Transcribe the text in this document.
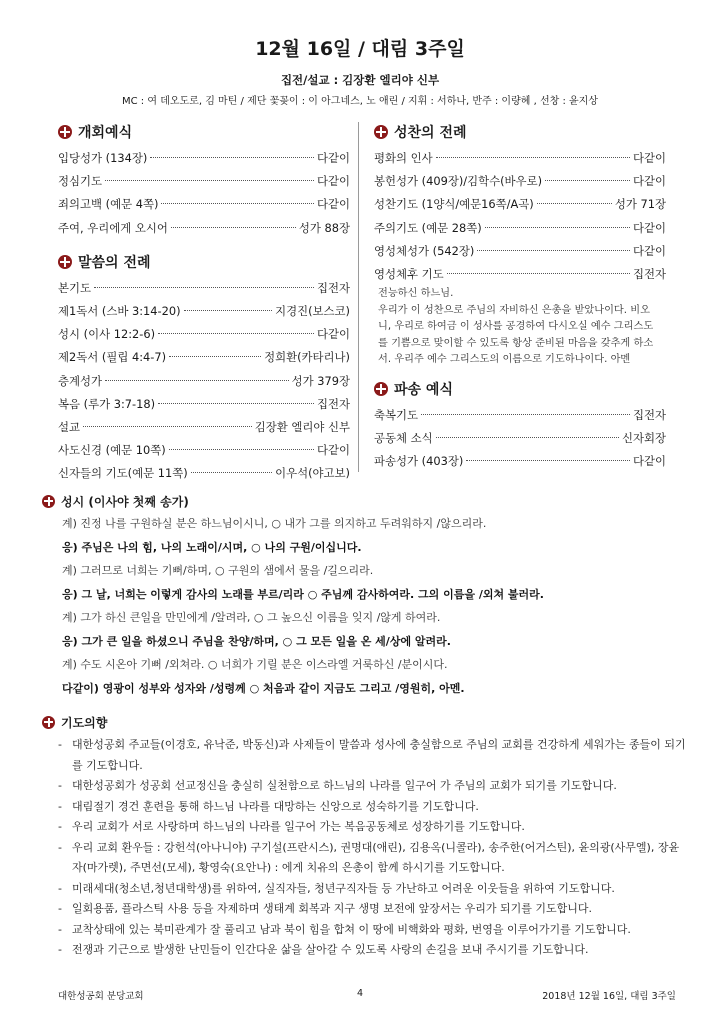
12월 16일 / 대림 3주일
집전/설교 : 김장환 엘리야 신부
MC : 여 데오도로, 김 마틴 / 제단 꽃꽂이 : 이 아그네스, 노 애린 / 지휘 : 서하나, 반주 : 이량혜 , 선창 : 윤지상
개회예식
입당성가 (134장)	다같이
정심기도	다같이
죄의고백 (예문 4쪽)	다같이
주여, 우리에게 오시어	성가 88장
말씀의 전례
본기도	집전자
제1독서 (스바 3:14-20)	지경진(보스코)
성시 (이사 12:2-6)	다같이
제2독서 (필립 4:4-7)	정희환(카타리나)
층계성가	성가 379장
복음 (루가 3:7-18)	집전자
설교	김장환 엘리야 신부
사도신경 (예문 10쪽)	다같이
신자들의 기도(예문 11쪽)	이우석(야고보)
성찬의 전례
평화의 인사	다같이
봉헌성가 (409장)/김학수(바우로)	다같이
성찬기도 (1양식/예문16쪽/A곡)	성가 71장
주의기도 (예문 28쪽)	다같이
영성체성가 (542장)	다같이
영성체후 기도	집전자
전능하신 하느님.
우리가 이 성찬으로 주님의 자비하신 은총을 받았나이다. 비오
니, 우리로 하여금 이 성사를 공경하여 다시오실 예수 그리스도
를 기쁨으로 맞이할 수 있도록 항상 준비된 마음을 갖추게 하소
서. 우리주 예수 그리스도의 이름으로 기도하나이다. 아멘
파송 예식
축복기도	집전자
공동체 소식	신자회장
파송성가 (403장)	다같이
성시 (이사야 첫째 송가)
계) 진정 나를 구원하실 분은 하느님이시니, ○ 내가 그를 의지하고 두려워하지 /않으리라.
응) 주님은 나의 힘, 나의 노래이/시며, ○ 나의 구원/이십니다.
계) 그러므로 너희는 기뻐/하며, ○ 구원의 샘에서 물을 /길으리라.
응) 그 날, 너희는 이렇게 감사의 노래를 부르/리라 ○ 주님께 감사하여라. 그의 이름을 /외쳐 불러라.
계) 그가 하신 큰일을 만민에게 /알려라, ○ 그 높으신 이름을 잊지 /않게 하여라.
응) 그가 큰 일을 하셨으니 주님을 찬양/하며, ○ 그 모든 일을 온 세/상에 알려라.
계) 수도 시온아 기뻐 /외쳐라. ○ 너희가 기릴 분은 이스라엘 거룩하신 /분이시다.
다같이) 영광이 성부와 성자와 /성령께 ○ 처음과 같이 지금도 그리고 /영원히, 아멘.
기도의향
- 대한성공회 주교들(이경호, 유낙준, 박동신)과 사제들이 말씀과 성사에 충실함으로 주님의 교회를 건강하게 세워가는 종들이 되기를 기도합니다.
- 대한성공회가 성공회 선교정신을 충실히 실천함으로 하느님의 나라를 일구어 가 주님의 교회가 되기를 기도합니다.
- 대림절기 경건 훈련을 통해 하느님 나라를 대망하는 신앙으로 성숙하기를 기도합니다.
- 우리 교회가 서로 사랑하며 하느님의 나라를 일구어 가는 복음공동체로 성장하기를 기도합니다.
- 우리 교회 환우들 : 강헌석(아나니야) 구기설(프란시스), 권명대(애린), 김용옥(니콜라), 송주한(어거스틴), 윤의광(사무엘), 장윤자(마가렛), 주면선(모세), 황영숙(요안나) : 에게 치유의 은총이 함께 하시기를 기도합니다.
- 미래세대(청소년,청년대학생)를 위하여, 실직자들, 청년구직자들 등 가난하고 어려운 이웃들을 위하여 기도합니다.
- 일회용품, 플라스틱 사용 등을 자제하며 생태계 회복과 지구 생명 보전에 앞장서는 우리가 되기를 기도합니다.
- 교착상태에 있는 북미관계가 잘 풀리고 남과 북이 힘을 합쳐 이 땅에 비핵화와 평화, 번영을 이루어가기를 기도합니다.
- 전쟁과 기근으로 발생한 난민들이 인간다운 삶을 살아갈 수 있도록 사랑의 손길을 보내 주시기를 기도합니다.
대한성공회 분당교회	4	2018년 12월 16일, 대림 3주일
